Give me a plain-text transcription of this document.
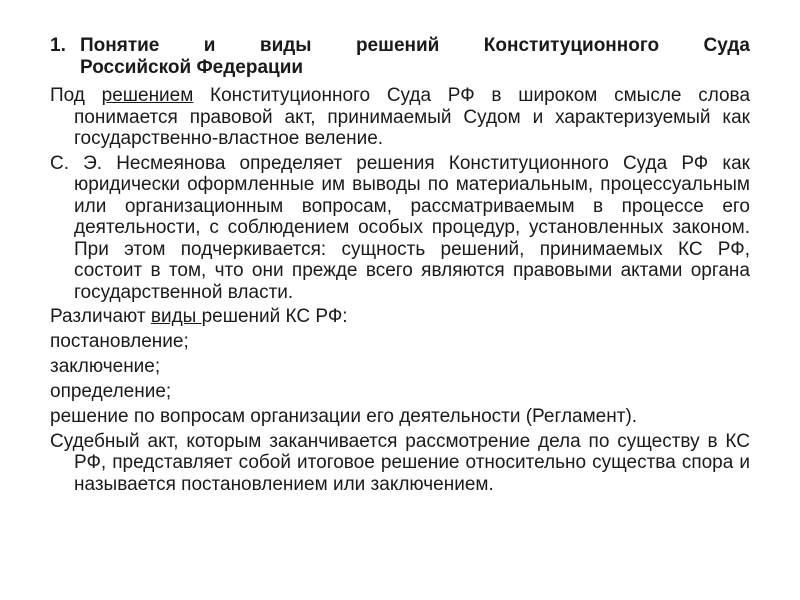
1. Понятие и виды решений Конституционного Суда
Российской Федерации

Под решением Конституционного Суда РФ в широком смысле слова понимается правовой акт, принимаемый Судом и характеризуемый как государственно-властное веление.

С. Э. Несмеянова определяет решения Конституционного Суда РФ как юридически оформленные им выводы по материальным, процессуальным или организационным вопросам, рассматриваемым в процессе его деятельности, с соблюдением особых процедур, установленных законом. При этом подчеркивается: сущность решений, принимаемых КС РФ, состоит в том, что они прежде всего являются правовыми актами органа государственной власти.

Различают виды решений КС РФ:

постановление;

заключение;

определение;

решение по вопросам организации его деятельности (Регламент).

Судебный акт, которым заканчивается рассмотрение дела по существу в КС РФ, представляет собой итоговое решение относительно существа спора и называется постановлением или заключением.
